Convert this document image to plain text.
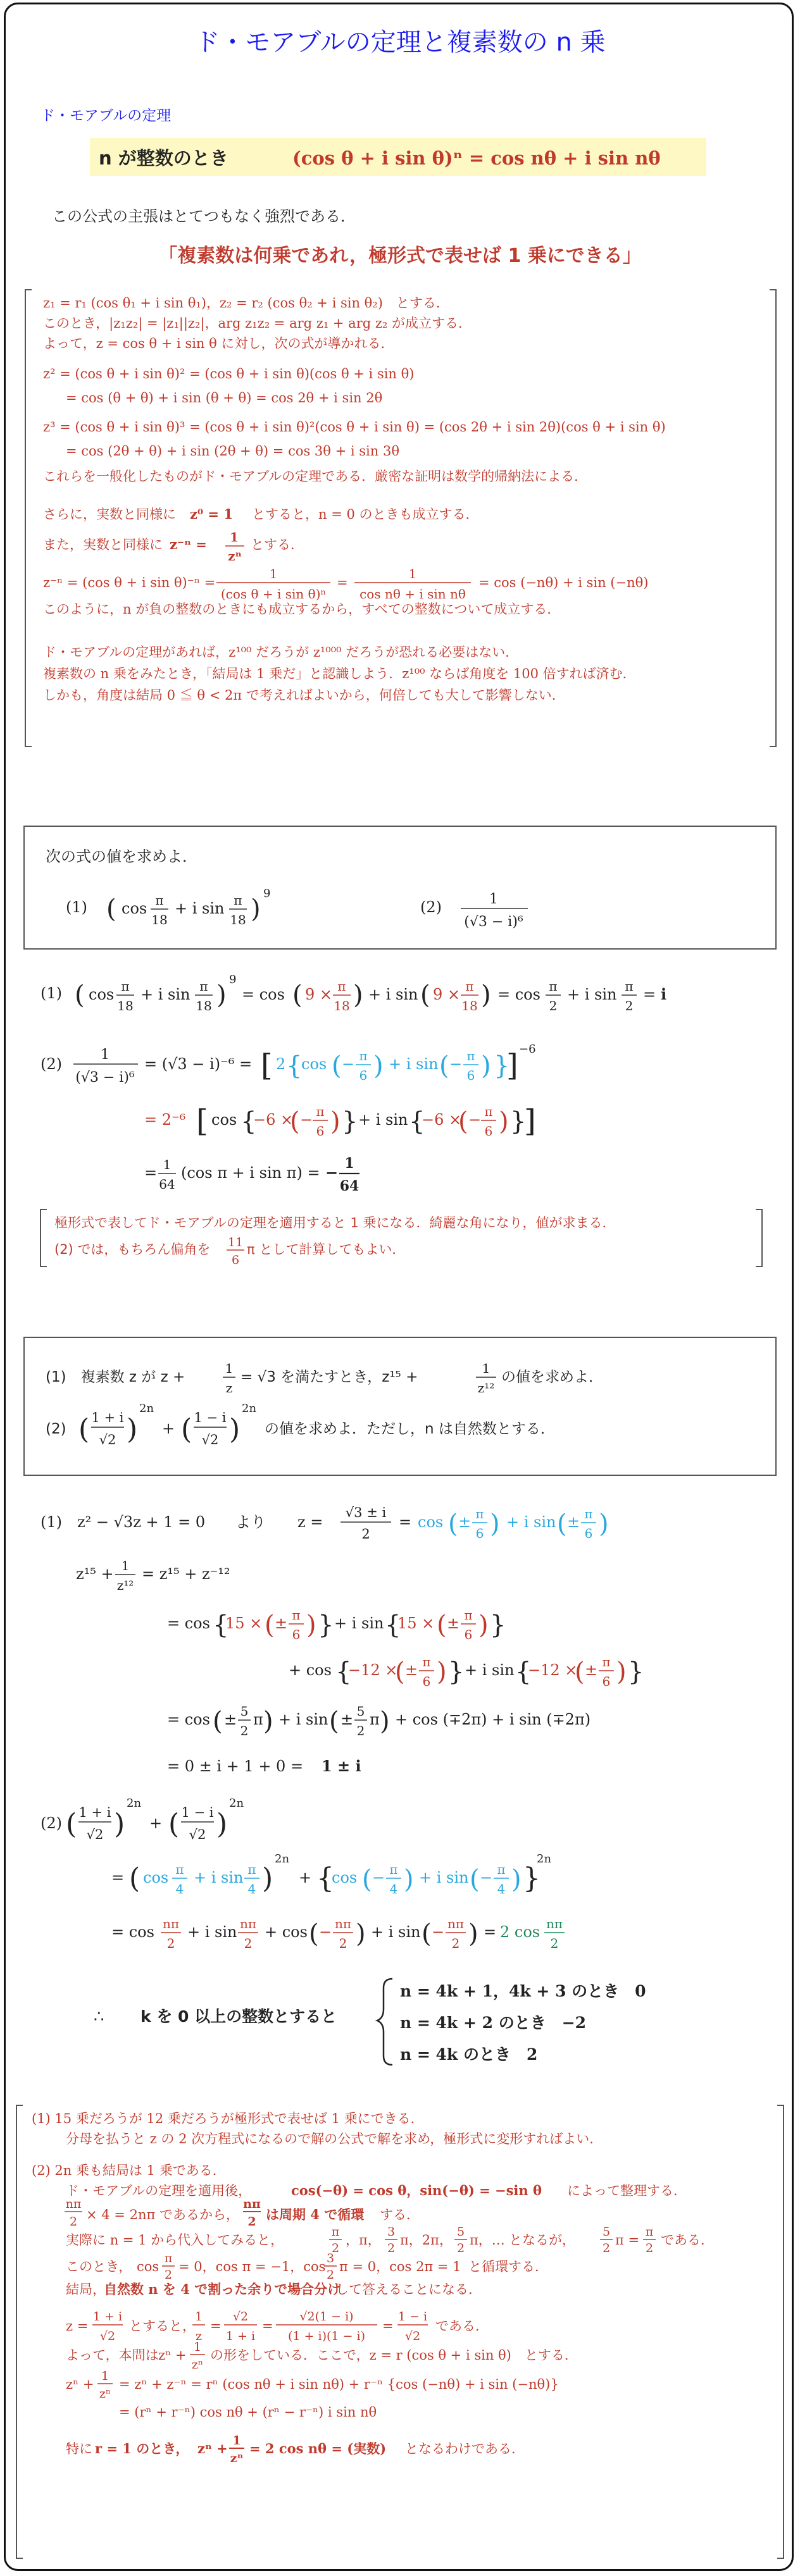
ド・モアブルの定理と複素数の n 乗
ド・モアブルの定理
n が整数のとき	(cos θ + i sin θ)ⁿ = cos nθ + i sin nθ
この公式の主張はとてつもなく強烈である．
「複素数は何乗であれ，極形式で表せば 1 乗にできる」
z₁ = r₁ (cos θ₁ + i sin θ₁)，z₂ = r₂ (cos θ₂ + i sin θ₂)　とする．
このとき，|z₁z₂| = |z₁||z₂|，arg z₁z₂ = arg z₁ + arg z₂ が成立する．
よって，z = cos θ + i sin θ に対し，次の式が導かれる．
z² = (cos θ + i sin θ)² = (cos θ + i sin θ)(cos θ + i sin θ)
= cos (θ + θ) + i sin (θ + θ) = cos 2θ + i sin 2θ
z³ = (cos θ + i sin θ)³ = (cos θ + i sin θ)²(cos θ + i sin θ) = (cos 2θ + i sin 2θ)(cos θ + i sin θ)
= cos (2θ + θ) + i sin (2θ + θ) = cos 3θ + i sin 3θ
これらを一般化したものがド・モアブルの定理である．厳密な証明は数学的帰納法による．
さらに，実数と同様に z⁰ = 1 とすると，n = 0 のときも成立する．
また，実数と同様に z⁻ⁿ = 1
zⁿ
とする．
z⁻ⁿ = (cos θ + i sin θ)⁻ⁿ =
1
(cos θ + i sin θ)ⁿ
=
1
cos nθ + i sin nθ
= cos (−nθ) + i sin (−nθ)
このように，n が負の整数のときにも成立するから，すべての整数について成立する．
ド・モアブルの定理があれば，z¹⁰⁰ だろうが z¹⁰⁰⁰ だろうが恐れる必要はない．
複素数の n 乗をみたとき，「結局は 1 乗だ」と認識しよう．z¹⁰⁰ ならば角度を 100 倍すれば済む．
しかも，角度は結局 0 ≦ θ < 2π で考えればよいから，何倍しても大して影響しない．
次の式の値を求めよ．
(1) ( cos π
18
+ i sin π
18 )
9
(2)	1
(√3 − i)⁶
(1) ( cos π
18
+ i sin π
18 )
9
= cos ( 9 × π
18 ) + i sin ( 9 × π
18 ) = cos π
2
+ i sin π
2
= i
(2)
1
(√3 − i)⁶
= (√3 − i)⁻⁶ = [ 2 {
cos ( − π
6 ) + i sin ( − π
6 ) }
] −6
= 2⁻⁶ [ cos {
−6 ×
( − π
6 ) } + i sin {
−6 ×
( − π
6 ) }
]
= 1
64
(cos π + i sin π) = − 1
64
極形式で表してド・モアブルの定理を適用すると 1 乗になる．綺麗な角になり，値が求まる．
(2) では，もちろん偏角を 11
6
π として計算してもよい．
(1)　複素数 z が z +
1
z
= √3 を満たすとき，z¹⁵ +
1
z¹²
の値を求めよ．
(2) ( 1 + i
√2 )
2n
+ ( 1 − i
√2 )
2n
の値を求めよ．ただし，n は自然数とする．
(1)　z² − √3z + 1 = 0　　より z =
√3 ± i
2
= cos ( ± π
6 ) + i sin ( ± π
6 )
z¹⁵ + 1
z¹²
= z¹⁵ + z⁻¹²
= cos {
15 × ( ± π
6 ) } + i sin {
15 × ( ± π
6 ) }
+ cos {
−12 ×
( ± π
6 ) } + i sin {
−12 ×
( ± π
6 ) }
= cos ( ± 5
2
π ) + i sin ( ± 5
2
π ) + cos (∓2π) + i sin (∓2π)
= 0 ± i + 1 + 0 = 1 ± i
(2) ( 1 + i
√2 )
2n
+ ( 1 − i
√2 )
2n
= ( cos π
4
+ i sin π
4 )
2n
+ {
cos ( − π
4 ) + i sin ( − π
4 ) }
2n
= cos nπ
2
+ i sin nπ
2
+ cos ( − nπ
2 ) + i sin ( − nπ
2 ) = 2 cos nπ
2
∴ k を 0 以上の整数とすると
n = 4k + 1，4k + 3 のとき　0
n = 4k + 2 のとき　−2
n = 4k のとき　2
(1) 15 乗だろうが 12 乗だろうが極形式で表せば 1 乗にできる．
分母を払うと z の 2 次方程式になるので解の公式で解を求め，極形式に変形すればよい．
(2) 2n 乗も結局は 1 乗である．
ド・モアブルの定理を適用後，	cos(−θ) = cos θ，sin(−θ) = −sin θ によって整理する．
nπ
2 × 4 = 2nπ であるから，
nπ
2 は周期 4 で循環 する．
実際に n = 1 から代入してみると，
π
2
，π，
3
2
π，2π，
5
2
π，… となるが，
5
2
π =
π
2
である．
このとき， cos
π
2
= 0，cos π = −1，cos
3
2
π = 0，cos 2π = 1 と循環する．
結局，
自然数 n を 4 で割った余りで場合分け
して答えることになる．
z =
1 + i
√2
とすると，
1
z
=
√2
1 + i
=
√2(1 − i)
(1 + i)(1 − i)
=
1 − i
√2
である．
よって，本問は zⁿ +
1
zⁿ
の形をしている．ここで，z = r (cos θ + i sin θ)　とする．
zⁿ +
1
zⁿ
= zⁿ + z⁻ⁿ = rⁿ (cos nθ + i sin nθ) + r⁻ⁿ {cos (−nθ) + i sin (−nθ)}
= (rⁿ + r⁻ⁿ) cos nθ + (rⁿ − r⁻ⁿ) i sin nθ
特に r = 1 のとき， zⁿ + 1
zⁿ
= 2 cos nθ = (実数) となるわけである．
